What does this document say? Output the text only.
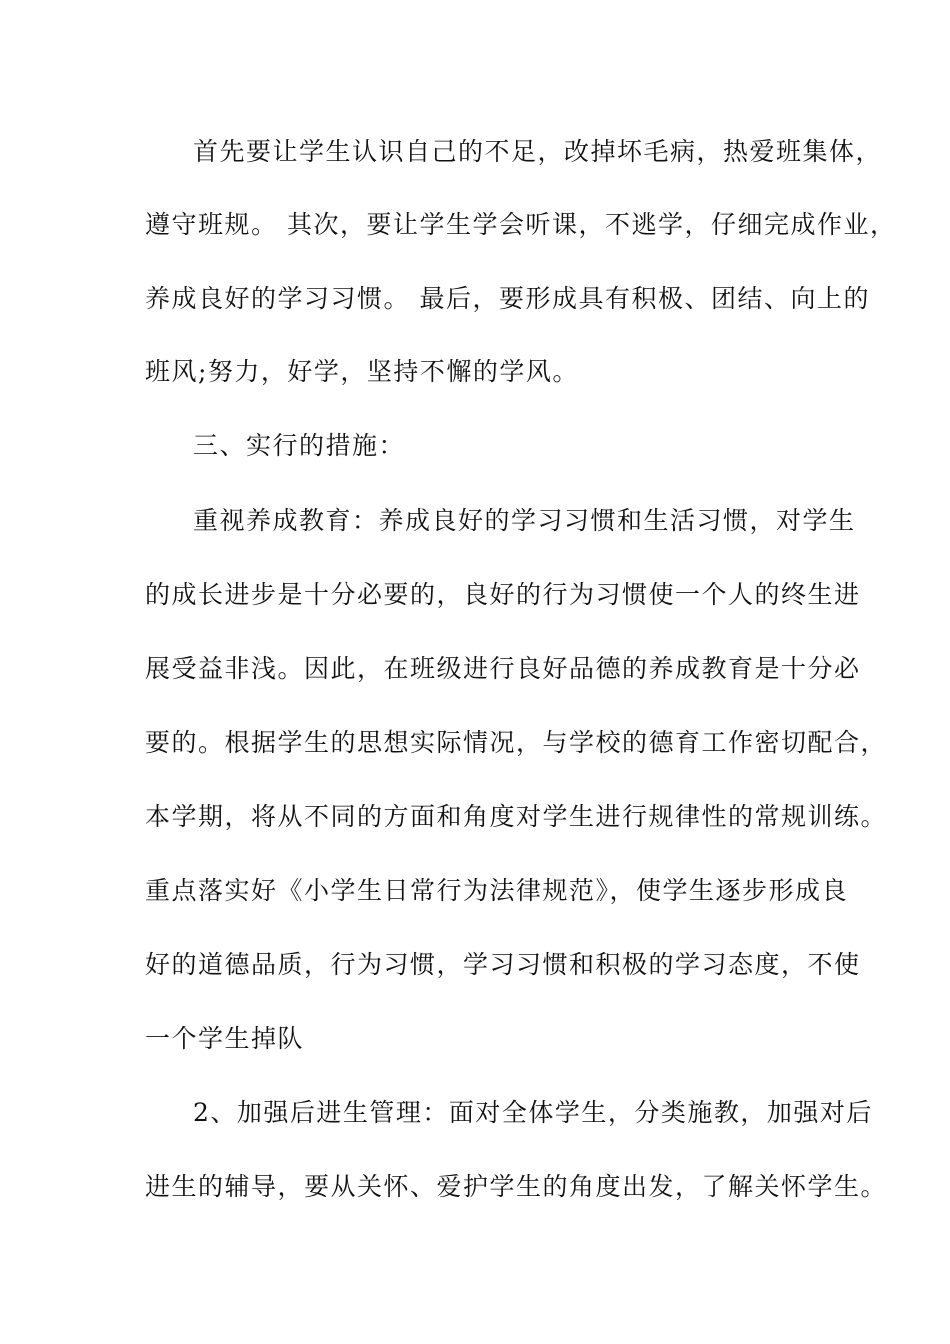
首先要让学生认识自己的不足，改掉坏毛病，热爱班集体，
遵守班规。 其次，要让学生学会听课，不逃学，仔细完成作业，
养成良好的学习习惯。 最后，要形成具有积极、团结、向上的
班风;努力，好学，坚持不懈的学风。
三、实行的措施：
重视养成教育：养成良好的学习习惯和生活习惯，对学生
的成长进步是十分必要的，良好的行为习惯使一个人的终生进
展受益非浅。因此，在班级进行良好品德的养成教育是十分必
要的。根据学生的思想实际情况，与学校的德育工作密切配合，
本学期，将从不同的方面和角度对学生进行规律性的常规训练。
重点落实好《小学生日常行为法律规范》，使学生逐步形成良
好的道德品质，行为习惯，学习习惯和积极的学习态度，不使
一个学生掉队
2、加强后进生管理：面对全体学生，分类施教，加强对后
进生的辅导，要从关怀、爱护学生的角度出发，了解关怀学生。
